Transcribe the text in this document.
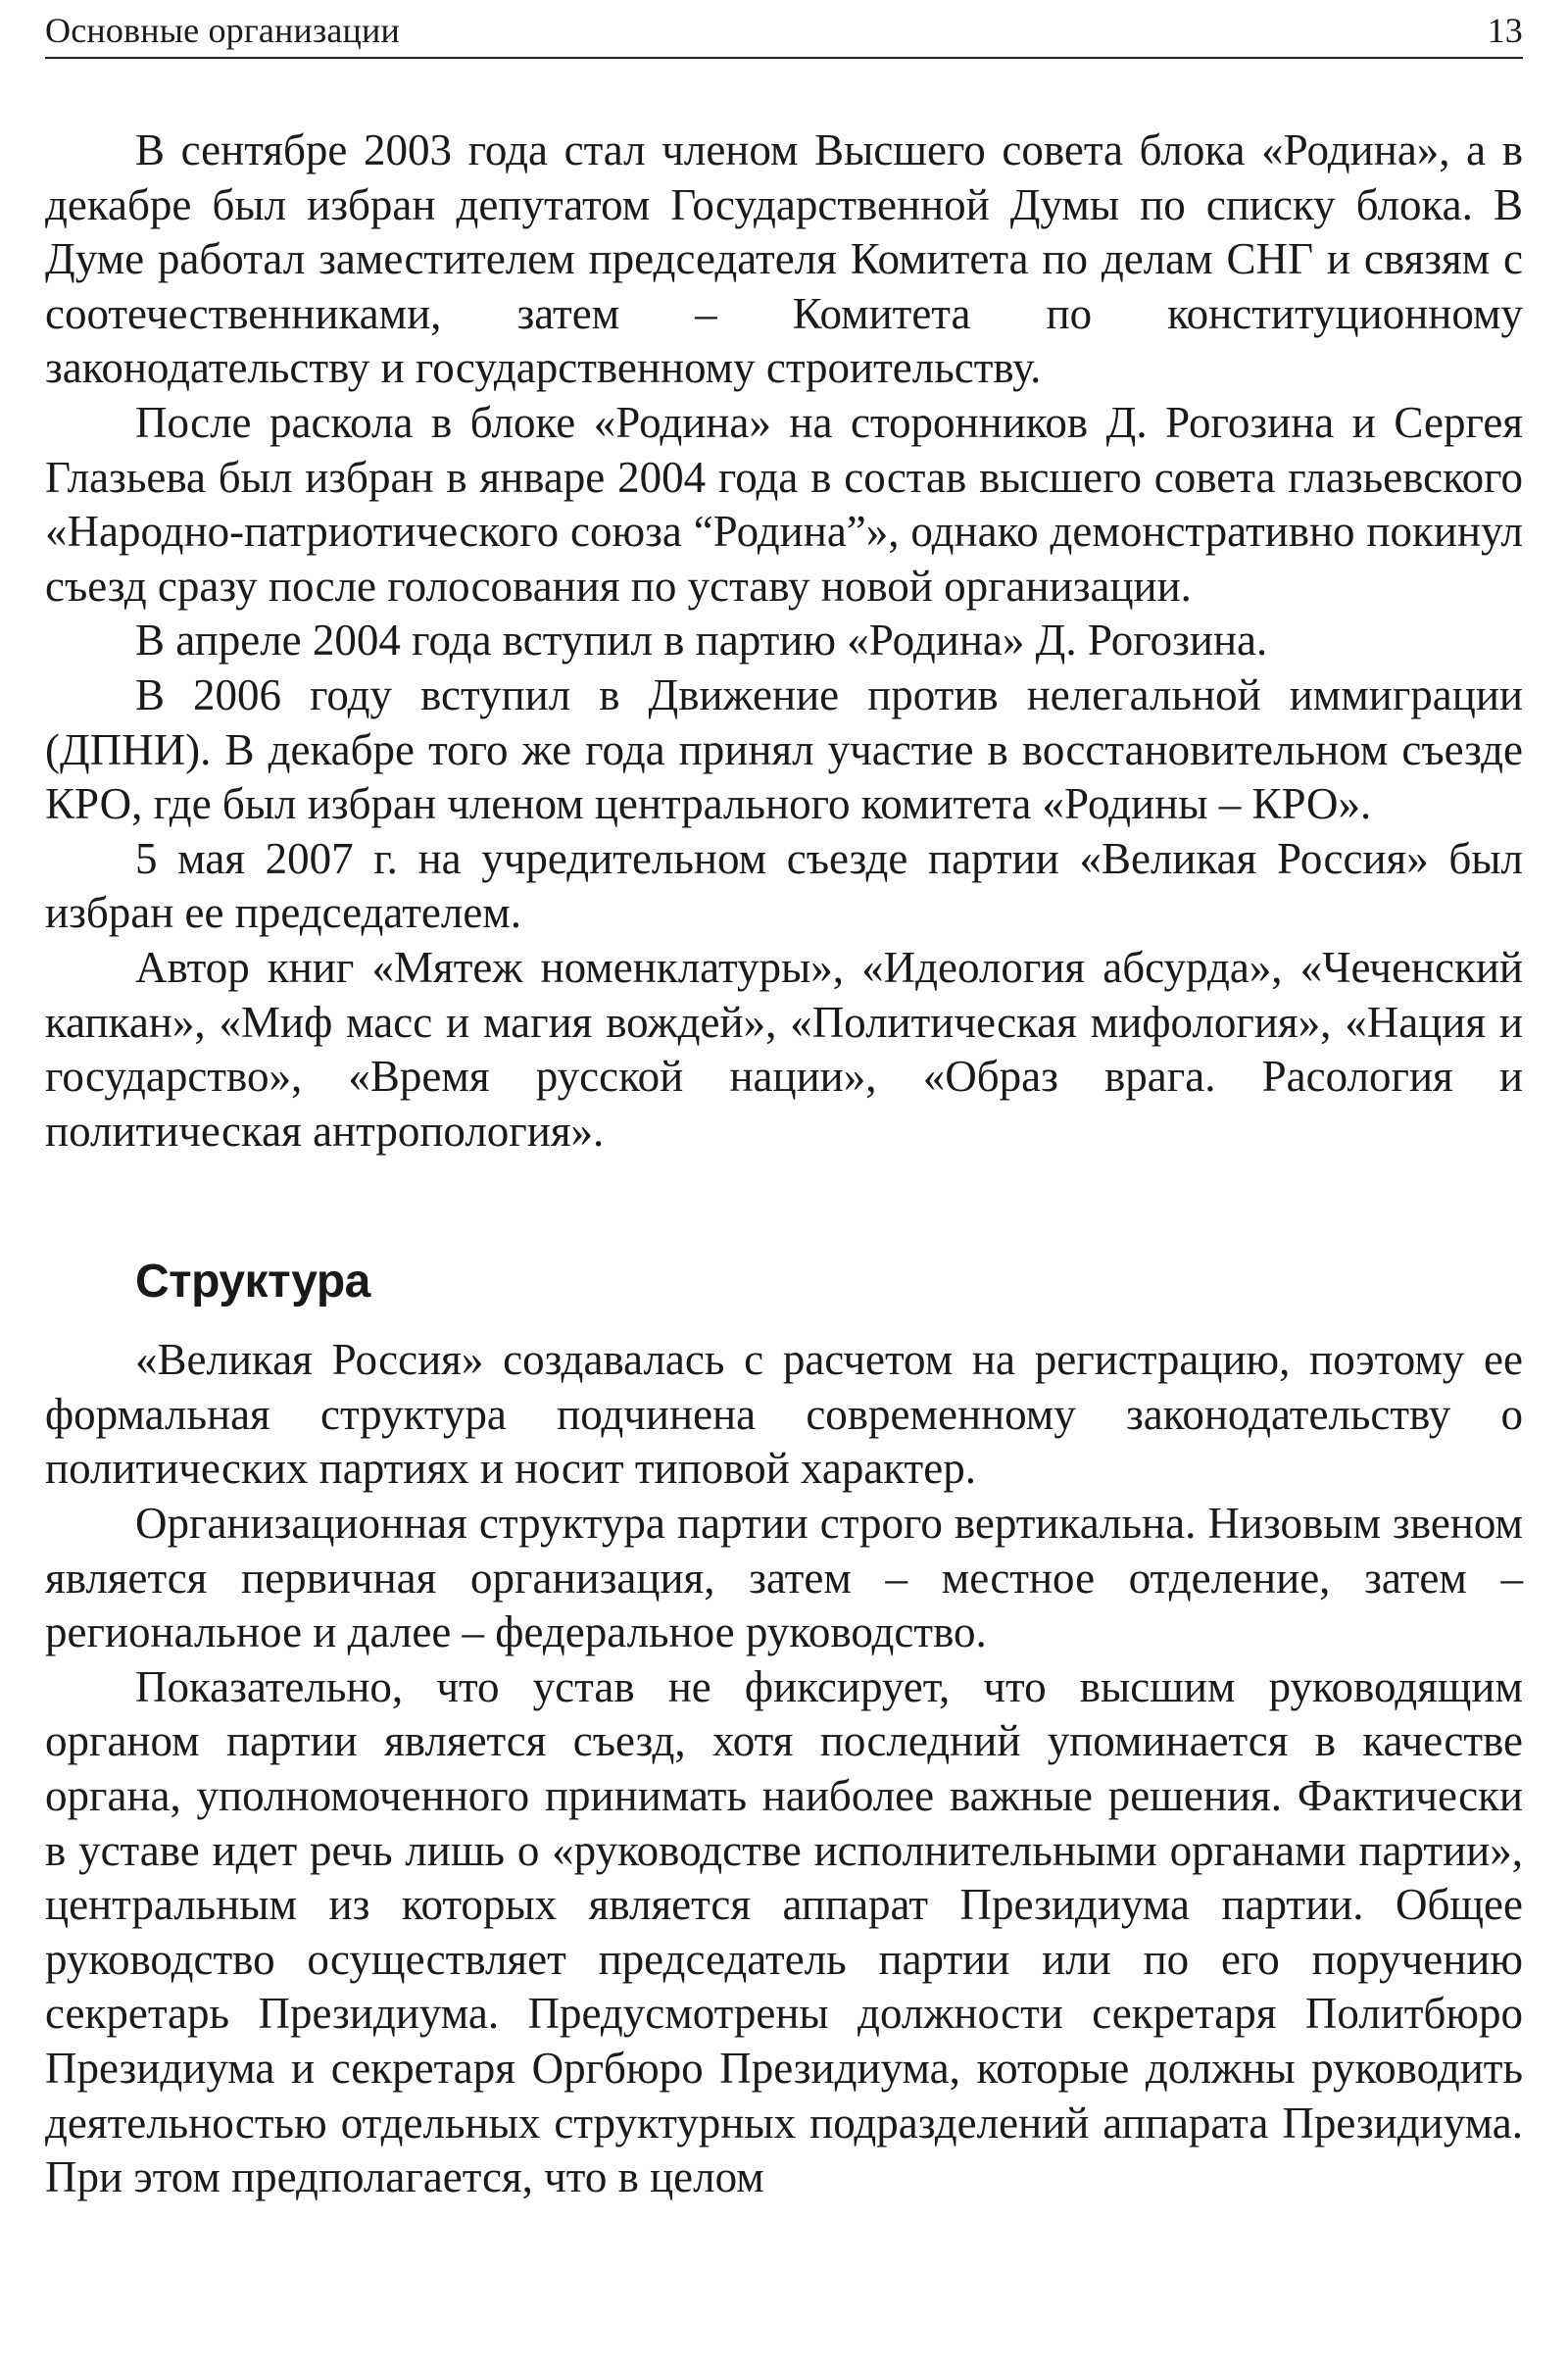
Основные организации	13

В сентябре 2003 года стал членом Высшего совета блока «Родина», а в декабре был избран депутатом Государственной Думы по списку блока. В Думе работал заместителем председателя Комитета по делам СНГ и связям с соотечественниками, затем – Комитета по конституционному законодательству и государственному строительству.

После раскола в блоке «Родина» на сторонников Д. Рогозина и Сергея Глазьева был избран в январе 2004 года в состав высшего совета глазьевского «Народно-патриотического союза “Родина”», однако демонстративно покинул съезд сразу после голосования по уставу новой организации.

В апреле 2004 года вступил в партию «Родина» Д. Рогозина.

В 2006 году вступил в Движение против нелегальной иммиграции (ДПНИ). В декабре того же года принял участие в восстановительном съезде КРО, где был избран членом центрального комитета «Родины – КРО».

5 мая 2007 г. на учредительном съезде партии «Великая Россия» был избран ее председателем.

Автор книг «Мятеж номенклатуры», «Идеология абсурда», «Чеченский капкан», «Миф масс и магия вождей», «Политическая мифология», «Нация и государство», «Время русской нации», «Образ врага. Расология и политическая антропология».

Структура

«Великая Россия» создавалась с расчетом на регистрацию, поэтому ее формальная структура подчинена современному законодательству о политических партиях и носит типовой характер.

Организационная структура партии строго вертикальна. Низовым звеном является первичная организация, затем – местное отделение, затем – региональное и далее – федеральное руководство.

Показательно, что устав не фиксирует, что высшим руководящим органом партии является съезд, хотя последний упоминается в качестве органа, уполномоченного принимать наиболее важные решения. Фактически в уставе идет речь лишь о «руководстве исполнительными органами партии», центральным из которых является аппарат Президиума партии. Общее руководство осуществляет председатель партии или по его поручению секретарь Президиума. Предусмотрены должности секретаря Политбюро Президиума и секретаря Оргбюро Президиума, которые должны руководить деятельностью отдельных структурных подразделений аппарата Президиума. При этом предполагается, что в целом
